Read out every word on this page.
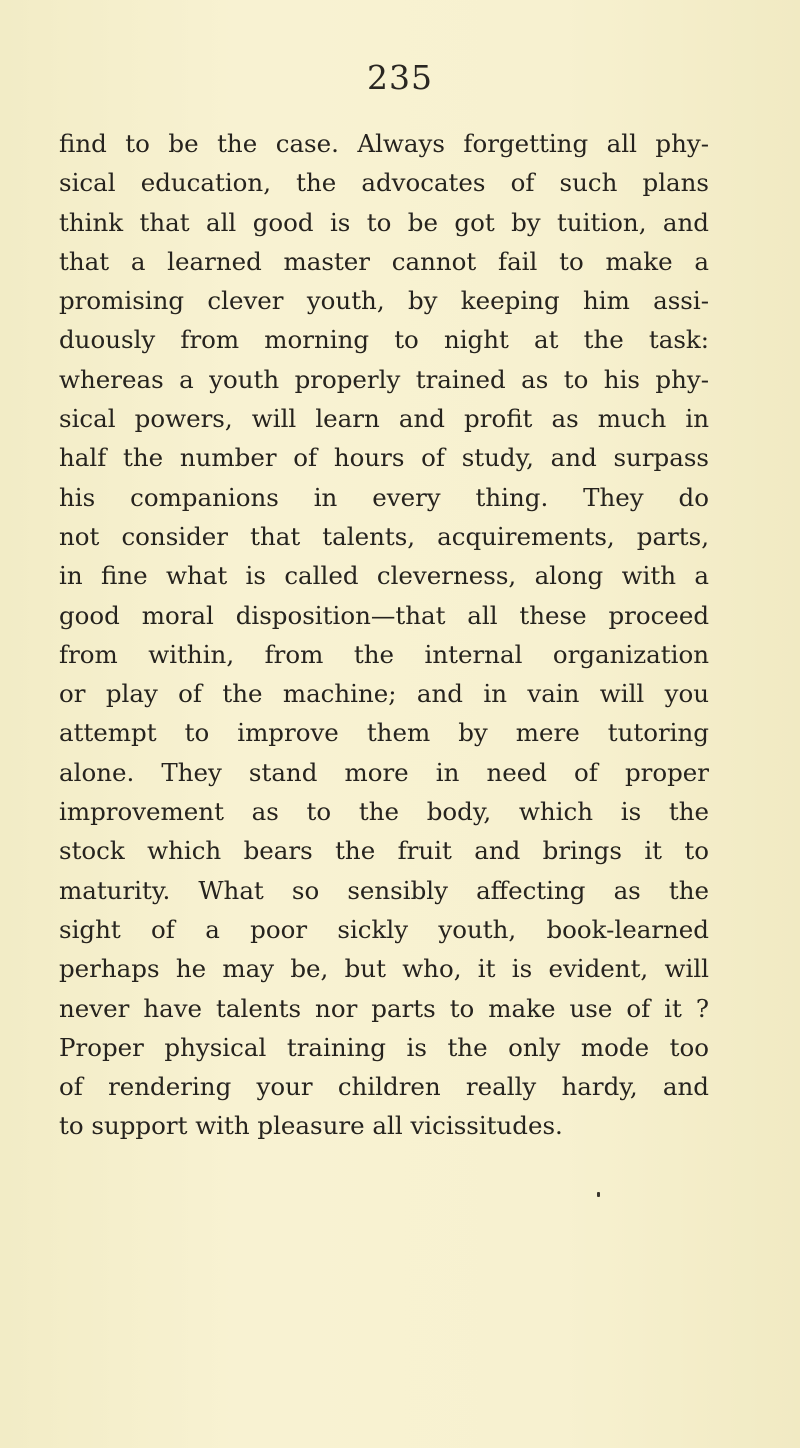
235
find to be the case. Always forgetting all phy-
sical education, the advocates of such plans
think that all good is to be got by tuition, and
that a learned master cannot fail to make a
promising clever youth, by keeping him assi-
duously from morning to night at the task:
whereas a youth properly trained as to his phy-
sical powers, will learn and profit as much in
half the number of hours of study, and surpass
his companions in every thing. They do
not consider that talents, acquirements, parts,
in fine what is called cleverness, along with a
good moral disposition—that all these proceed
from within, from the internal organization
or play of the machine; and in vain will you
attempt to improve them by mere tutoring
alone. They stand more in need of proper
improvement as to the body, which is the
stock which bears the fruit and brings it to
maturity. What so sensibly affecting as the
sight of a poor sickly youth, book-learned
perhaps he may be, but who, it is evident, will
never have talents nor parts to make use of it ?
Proper physical training is the only mode too
of rendering your children really hardy, and
to support with pleasure all vicissitudes.
